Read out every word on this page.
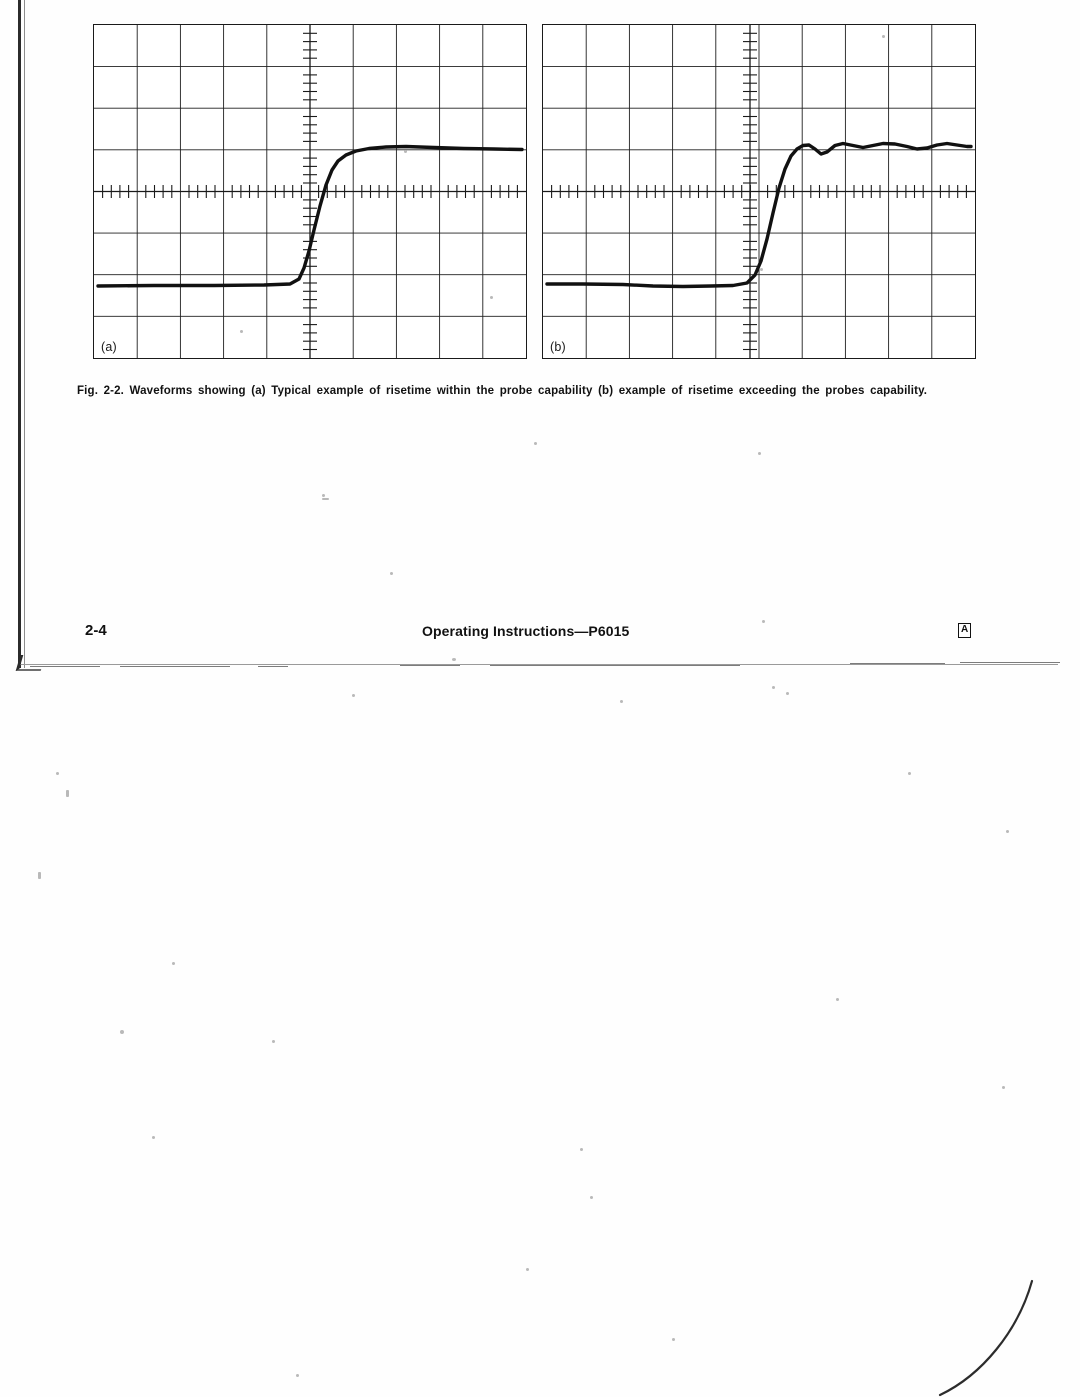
(a)	(b)
Fig. 2-2. Waveforms showing (a) Typical example of risetime within the probe capability (b) example of risetime exceeding the probes capability.
2-4	Operating Instructions—P6015	A
